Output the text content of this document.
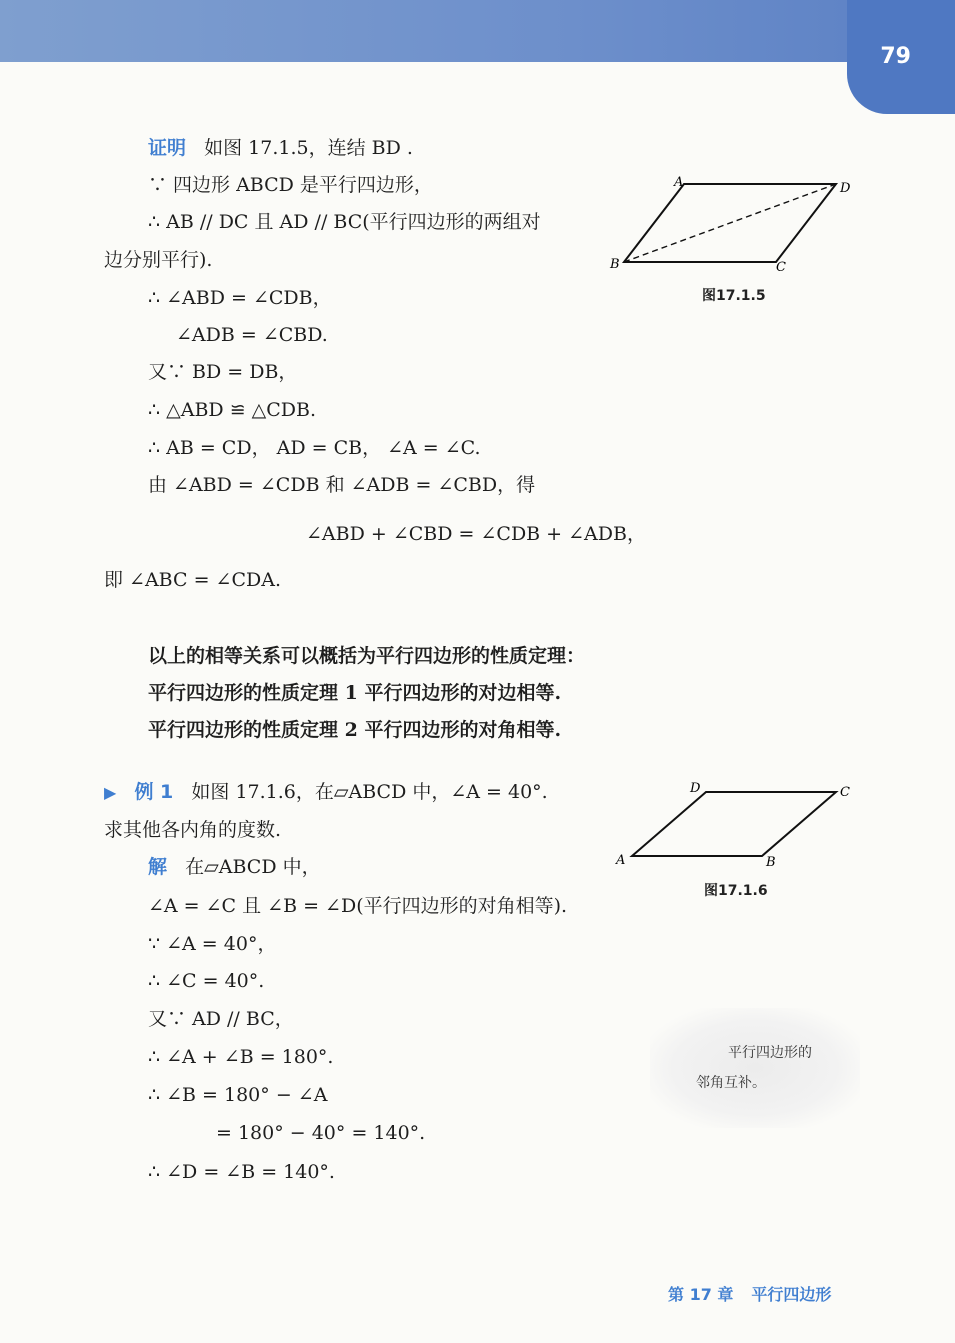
79
证明 如图 17.1.5，连结 BD .
∵ 四边形 ABCD 是平行四边形，
∴ AB // DC 且 AD // BC(平行四边形的两组对
边分别平行).
∴ ∠ABD = ∠CDB，
∠ADB = ∠CBD.
又∵ BD = DB，
∴ △ABD ≌ △CDB.
∴ AB = CD， AD = CB， ∠A = ∠C.
由 ∠ABD = ∠CDB 和 ∠ADB = ∠CBD，得
∠ABD + ∠CBD = ∠CDB + ∠ADB，
即 ∠ABC = ∠CDA.
A	D
B	C
图17.1.5
以上的相等关系可以概括为平行四边形的性质定理：
平行四边形的性质定理 1 平行四边形的对边相等.
平行四边形的性质定理 2 平行四边形的对角相等.
▶ 例 1 如图 17.1.6，在▱ABCD 中，∠A = 40°.
求其他各内角的度数.
解 在▱ABCD 中，
∠A = ∠C 且 ∠B = ∠D(平行四边形的对角相等).
∵ ∠A = 40°，
∴ ∠C = 40°.
又∵ AD // BC，
∴ ∠A + ∠B = 180°.
∴ ∠B = 180° − ∠A
= 180° − 40° = 140°.
∴ ∠D = ∠B = 140°.
D	C
A	B
图17.1.6
平行四边形的
邻角互补。
第 17 章 平行四边形
